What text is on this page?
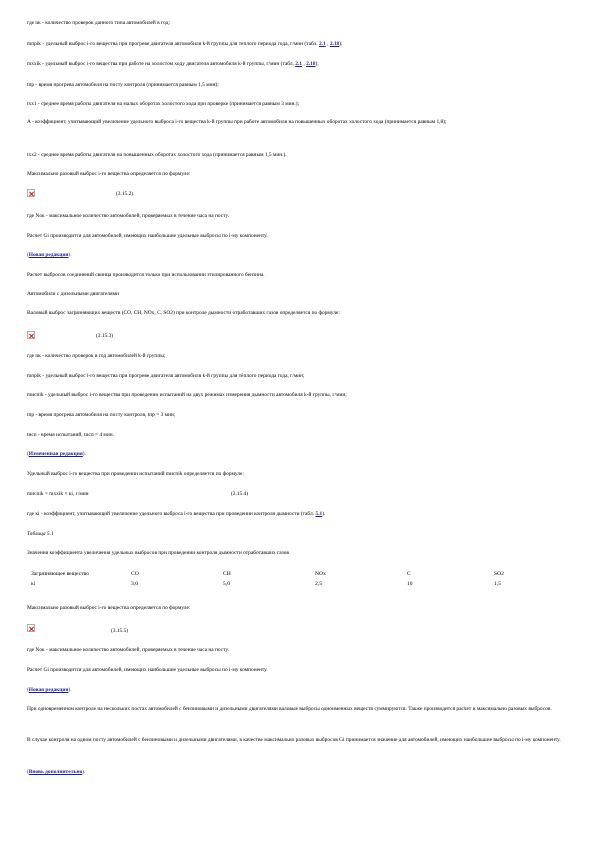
где nк - количество проверок данного типа автомобилей в год;
mпрik - удельный выброс i-го вещества при прогреве двигателя автомобиля k-й группы для теплого периода года, г/мин (табл. 2.1 , 2.18);
mххik - удельный выброс i-го вещества при работе на холостом ходу двигателя автомобиля k-й группы, г/мин (табл. 2.1 , 2.18);
tпр - время прогрева автомобиля на посту контроля (принимается равным 1,5 мин);
tхх1 - среднее время работы двигателя на малых оборотах холостого хода при проверке (принимается равным 3 мин.);
A - коэффициент, учитывающий увеличение удельного выброса i-го вещества k-й группы при работе автомобиля на повышенных оборотах холостого хода (принимается равным 1,8);
tхх2 - среднее время работы двигателя на повышенных оборотах холостого хода (принимается равным 1,5 мин.).
Максимально разовый выброс i-го вещества определяется по формуле:
(3.15.2)
где Nок - максимальное количество автомобилей, проверяемых в течение часа на посту.
Расчет Gi производится для автомобилей, имеющих наибольшие удельные выбросы по i-му компоненту.
(Новая редакция).
Расчет выбросов соединений свинца производится только при использовании этилированного бензина.
Автомобили с дизельными двигателями
Валовый выброс загрязняющих веществ (CO, CH, NOx, C, SO2) при контроле дымности отработавших газов определяется по формуле:
(3.15.3)
где nк - количество проверок в год автомобилей k-й группы;
mпрik - удельный выброс i-го вещества при прогреве двигателя автомобиля k-й группы для тёплого периода года, г/мин;
mиспik - удельный выброс i-го вещества при проведении испытаний на двух режимах измерения дымности автомобиля k-й группы, г/мин;
tпр - время прогрева автомобиля на посту контроля, tпр = 3 мин;
tисп - время испытаний, tисп = 4 мин.
(Измененная редакция).
Удельный выброс i-го вещества при проведении испытаний mиспik определяется по формуле:
mиспik = mххik × кi, г/мин	(3.15.4)
где кi - коэффициент, учитывающий увеличение удельного выброса i-го вещества при проведении контроля дымности (табл. 5.1).
Таблица 5.1
Значения коэффициента увеличения удельных выбросов при проведении контроля дымности отработавших газов
Загрязняющее вещество	CO	CH	NOx	C	SO2
кi	3,0	5,0	2,5	10	1,5
Максимально разовый выброс i-го вещества определяется по формуле:
(3.15.5)
где Nок - максимальное количество автомобилей, проверяемых в течение часа на посту.
Расчет Gi производится для автомобилей, имеющих наибольшие удельные выбросы по i-му компоненту.
(Новая редакция).
При одновременном контроле на нескольких постах автомобилей с бензиновыми и дизельными двигателями валовые выбросы одноименных веществ суммируются. Также производится расчет и максимально разовых выбросов.
В случае контроля на одном посту автомобилей с бензиновыми и дизельными двигателями, в качестве максимально разовых выбросов Gi принимается значение для автомобилей, имеющих наибольшие выбросы по i-му компоненту.
(Вновь дополнительно).
